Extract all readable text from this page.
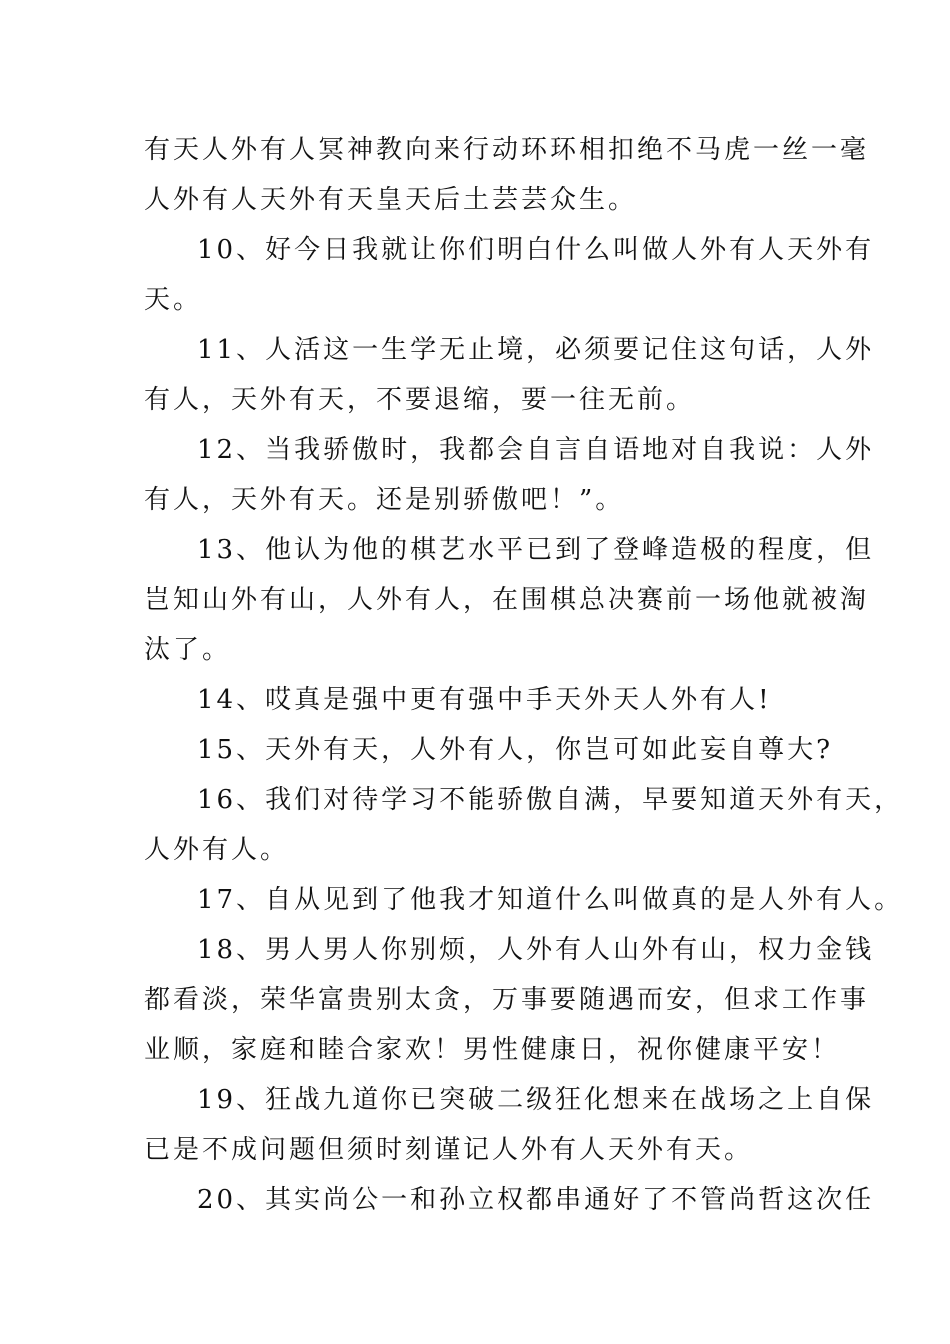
有天人外有人冥神教向来行动环环相扣绝不马虎一丝一毫
人外有人天外有天皇天后土芸芸众生。
10、好今日我就让你们明白什么叫做人外有人天外有
天。
11、人活这一生学无止境，必须要记住这句话，人外
有人，天外有天，不要退缩，要一往无前。
12、当我骄傲时，我都会自言自语地对自我说：人外
有人，天外有天。还是别骄傲吧！”。
13、他认为他的棋艺水平已到了登峰造极的程度，但
岂知山外有山，人外有人，在围棋总决赛前一场他就被淘
汰了。
14、哎真是强中更有强中手天外天人外有人!
15、天外有天，人外有人，你岂可如此妄自尊大?
16、我们对待学习不能骄傲自满，早要知道天外有天，
人外有人。
17、自从见到了他我才知道什么叫做真的是人外有人。
18、男人男人你别烦，人外有人山外有山，权力金钱
都看淡，荣华富贵别太贪，万事要随遇而安，但求工作事
业顺，家庭和睦合家欢！男性健康日，祝你健康平安！
19、狂战九道你已突破二级狂化想来在战场之上自保
已是不成问题但须时刻谨记人外有人天外有天。
20、其实尚公一和孙立权都串通好了不管尚哲这次任
